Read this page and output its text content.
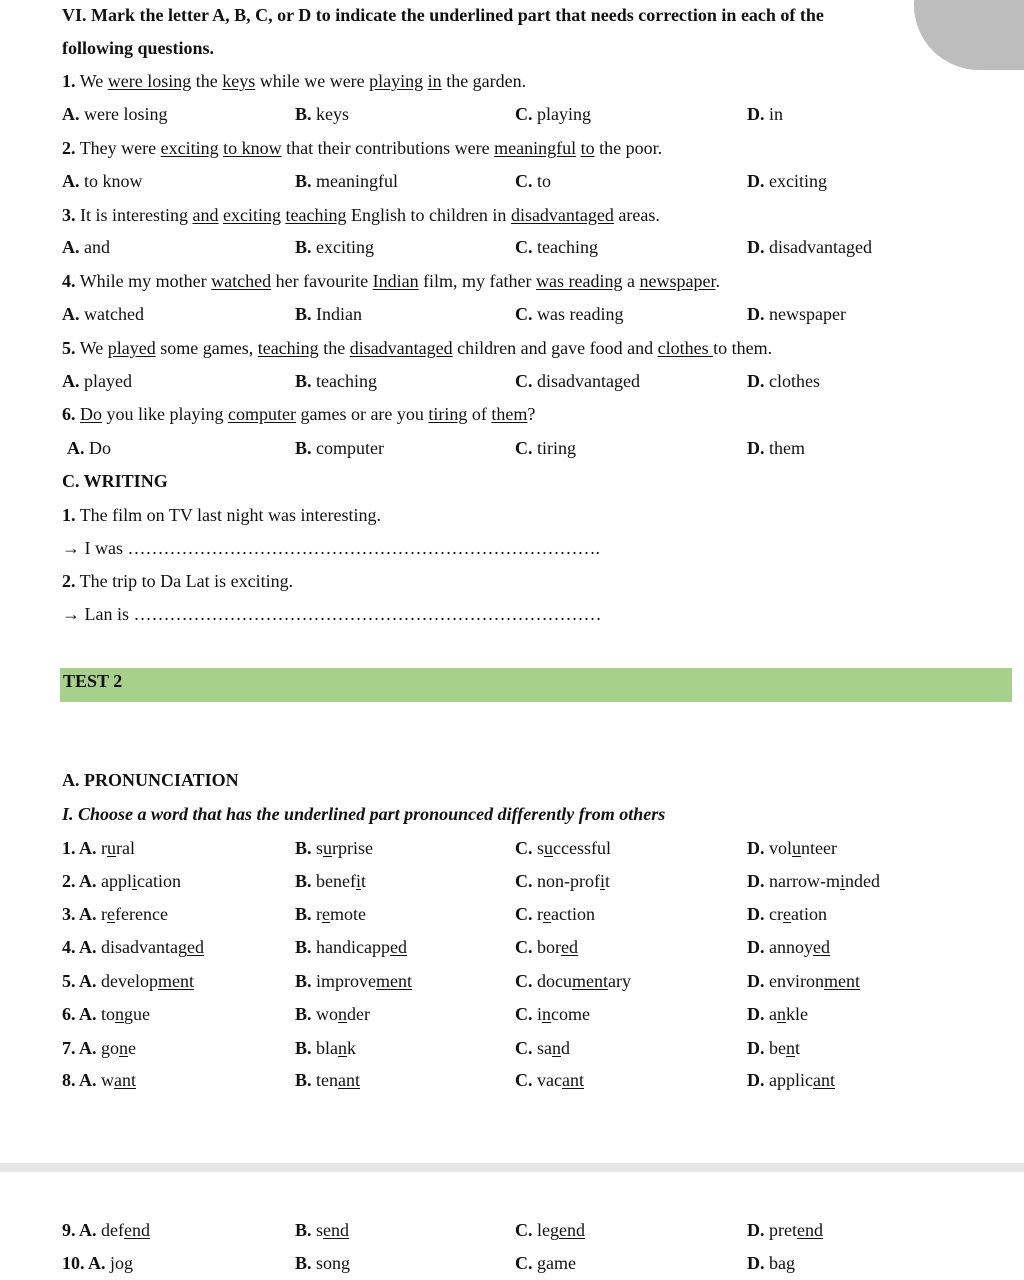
VI. Mark the letter A, B, C, or D to indicate the underlined part that needs correction in each of the
following questions.
1. We were losing the keys while we were playing in the garden.
A. were losing	B. keys	C. playing	D. in
2. They were exciting to know that their contributions were meaningful to the poor.
A. to know	B. meaningful	C. to	D. exciting
3. It is interesting and exciting teaching English to children in disadvantaged areas.
A. and	B. exciting	C. teaching	D. disadvantaged
4. While my mother watched her favourite Indian film, my father was reading a newspaper.
A. watched	B. Indian	C. was reading	D. newspaper
5. We played some games, teaching the disadvantaged children and gave food and clothes to them.
A. played	B. teaching	C. disadvantaged	D. clothes
6. Do you like playing computer games or are you tiring of them?
A. Do	B. computer	C. tiring	D. them
C. WRITING
1. The film on TV last night was interesting.
→ I was …………………………………………………………………….
2. The trip to Da Lat is exciting.
→ Lan is ……………………………………………………………………
TEST 2
A. PRONUNCIATION
I. Choose a word that has the underlined part pronounced differently from others
1. A. rural	B. surprise	C. successful	D. volunteer
2. A. application	B. benefit	C. non-profit	D. narrow-minded
3. A. reference	B. remote	C. reaction	D. creation
4. A. disadvantaged	B. handicapped	C. bored	D. annoyed
5. A. development	B. improvement	C. documentary	D. environment
6. A. tongue	B. wonder	C. income	D. ankle
7. A. gone	B. blank	C. sand	D. bent
8. A. want	B. tenant	C. vacant	D. applicant
9. A. defend	B. send	C. legend	D. pretend
10. A. jog	B. song	C. game	D. bag
